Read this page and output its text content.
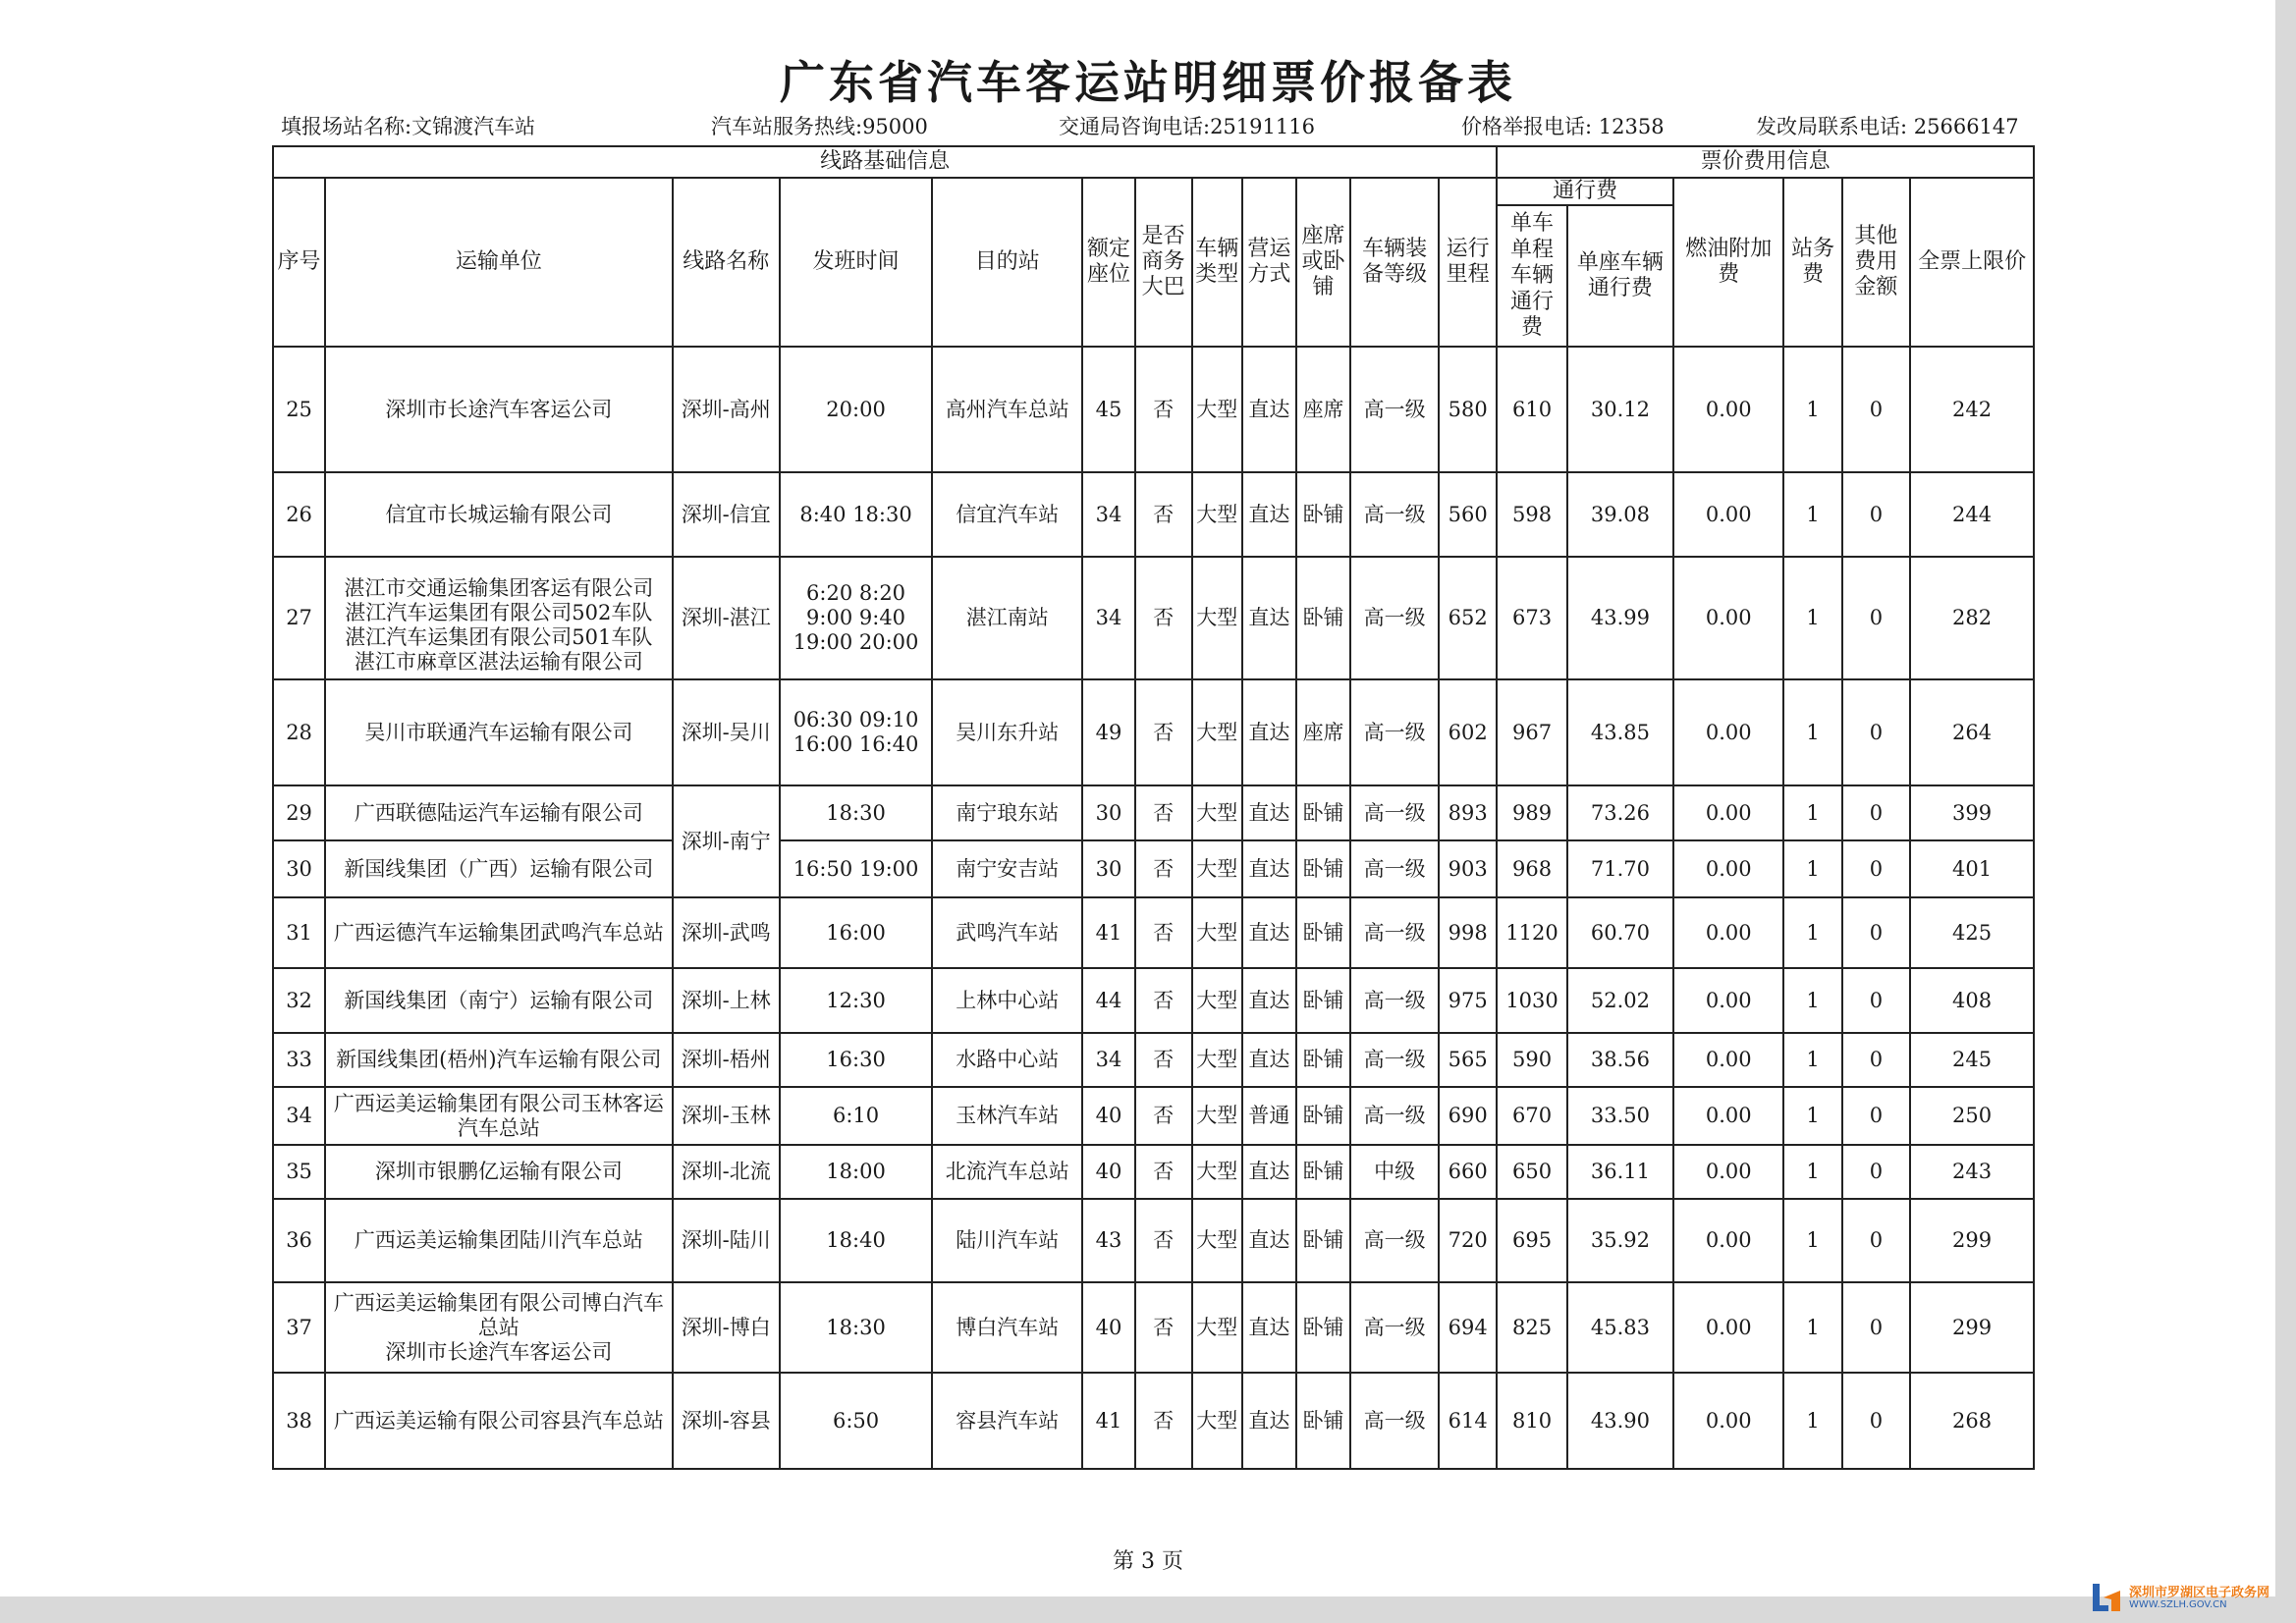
广东省汽车客运站明细票价报备表
填报场站名称:文锦渡汽车站	汽车站服务热线:95000	交通局咨询电话:25191116	价格举报电话: 12358	发改局联系电话: 25666147
线路基础信息												票价费用信息					
序号	运输单位	线路名称	发班时间	目的站	额定座位	是否商务大巴	车辆类型	营运方式	座席或卧铺	车辆装备等级	运行里程	通行费		燃油附加费	站务费	其他费用金额	全票上限价
												单车单程车辆通行费	单座车辆通行费				
25	深圳市长途汽车客运公司	深圳-高州	20:00	高州汽车总站	45	否	大型	直达	座席	高一级	580	610	30.12	0.00	1	0	242
26	信宜市长城运输有限公司	深圳-信宜	8:40 18:30	信宜汽车站	34	否	大型	直达	卧铺	高一级	560	598	39.08	0.00	1	0	244
27	湛江市交通运输集团客运有限公司
湛江汽车运集团有限公司502车队
湛江汽车运集团有限公司501车队
湛江市麻章区湛法运输有限公司	深圳-湛江	6:20 8:20
9:00 9:40
19:00 20:00	湛江南站	34	否	大型	直达	卧铺	高一级	652	673	43.99	0.00	1	0	282
28	吴川市联通汽车运输有限公司	深圳-吴川	06:30 09:10
16:00 16:40	吴川东升站	49	否	大型	直达	座席	高一级	602	967	43.85	0.00	1	0	264
29	广西联德陆运汽车运输有限公司	深圳-南宁	18:30	南宁琅东站	30	否	大型	直达	卧铺	高一级	893	989	73.26	0.00	1	0	399
30	新国线集团（广西）运输有限公司		16:50 19:00	南宁安吉站	30	否	大型	直达	卧铺	高一级	903	968	71.70	0.00	1	0	401
31	广西运德汽车运输集团武鸣汽车总站	深圳-武鸣	16:00	武鸣汽车站	41	否	大型	直达	卧铺	高一级	998	1120	60.70	0.00	1	0	425
32	新国线集团（南宁）运输有限公司	深圳-上林	12:30	上林中心站	44	否	大型	直达	卧铺	高一级	975	1030	52.02	0.00	1	0	408
33	新国线集团(梧州)汽车运输有限公司	深圳-梧州	16:30	水路中心站	34	否	大型	直达	卧铺	高一级	565	590	38.56	0.00	1	0	245
34	广西运美运输集团有限公司玉林客运汽车总站	深圳-玉林	6:10	玉林汽车站	40	否	大型	普通	卧铺	高一级	690	670	33.50	0.00	1	0	250
35	深圳市银鹏亿运输有限公司	深圳-北流	18:00	北流汽车总站	40	否	大型	直达	卧铺	中级	660	650	36.11	0.00	1	0	243
36	广西运美运输集团陆川汽车总站	深圳-陆川	18:40	陆川汽车站	43	否	大型	直达	卧铺	高一级	720	695	35.92	0.00	1	0	299
37	广西运美运输集团有限公司博白汽车总站
深圳市长途汽车客运公司	深圳-博白	18:30	博白汽车站	40	否	大型	直达	卧铺	高一级	694	825	45.83	0.00	1	0	299
38	广西运美运输有限公司容县汽车总站	深圳-容县	6:50	容县汽车站	41	否	大型	直达	卧铺	高一级	614	810	43.90	0.00	1	0	268
第 3 页
深圳市罗湖区电子政务网
WWW.SZLH.GOV.CN
